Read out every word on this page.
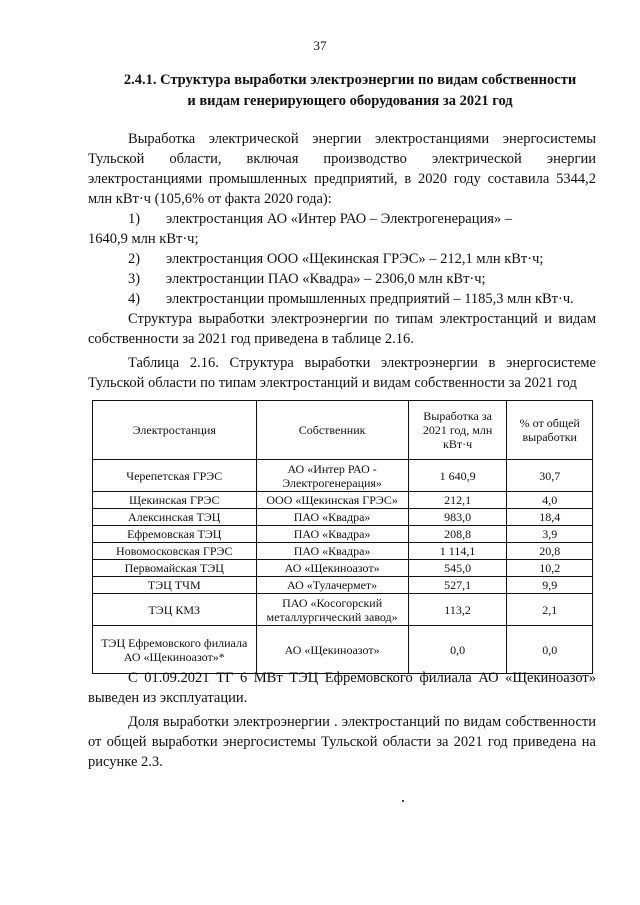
37
2.4.1. Структура выработки электроэнергии по видам собственности
и видам генерирующего оборудования за 2021 год

Выработка электрической энергии электростанциями энергосистемы Тульской области, включая производство электрической энергии электростанциями промышленных предприятий, в 2020 году составила 5344,2 млн кВт·ч (105,6% от факта 2020 года):

1)	электростанция АО «Интер РАО – Электрогенерация» –

1640,9 млн кВт·ч;

2)	электростанция ООО «Щекинская ГРЭС» – 212,1 млн кВт·ч;
3)	электростанции ПАО «Квадра» – 2306,0 млн кВт·ч;
4)	электростанции промышленных предприятий – 1185,3 млн кВт·ч.

Структура выработки электроэнергии по типам электростанций и видам собственности за 2021 год приведена в таблице 2.16.

Таблица 2.16. Структура выработки электроэнергии в энергосистеме Тульской области по типам электростанций и видам собственности за 2021 год
Электростанция	Собственник	Выработка за 2021 год, млн кВт·ч	% от общей выработки
Черепетская ГРЭС	АО «Интер РАО - Электрогенерация»	1 640,9	30,7
Щекинская ГРЭС	ООО «Щекинская ГРЭС»	212,1	4,0
Алексинская ТЭЦ	ПАО «Квадра»	983,0	18,4
Ефремовская ТЭЦ	ПАО «Квадра»	208,8	3,9
Новомосковская ГРЭС	ПАО «Квадра»	1 114,1	20,8
Первомайская ТЭЦ	АО «Щекиноазот»	545,0	10,2
ТЭЦ ТЧМ	АО «Тулачермет»	527,1	9,9
ТЭЦ КМЗ	ПАО «Косогорский металлургический завод»	113,2	2,1
ТЭЦ Ефремовского филиала АО «Щекиноазот»*	АО «Щекиноазот»	0,0	0,0

С 01.09.2021 ТГ 6 МВт ТЭЦ Ефремовского филиала АО «Щекиноазот» выведен из эксплуатации.

Доля выработки электроэнергии . электростанций по видам собственности от общей выработки энергосистемы Тульской области за 2021 год приведена на рисунке 2.3.
